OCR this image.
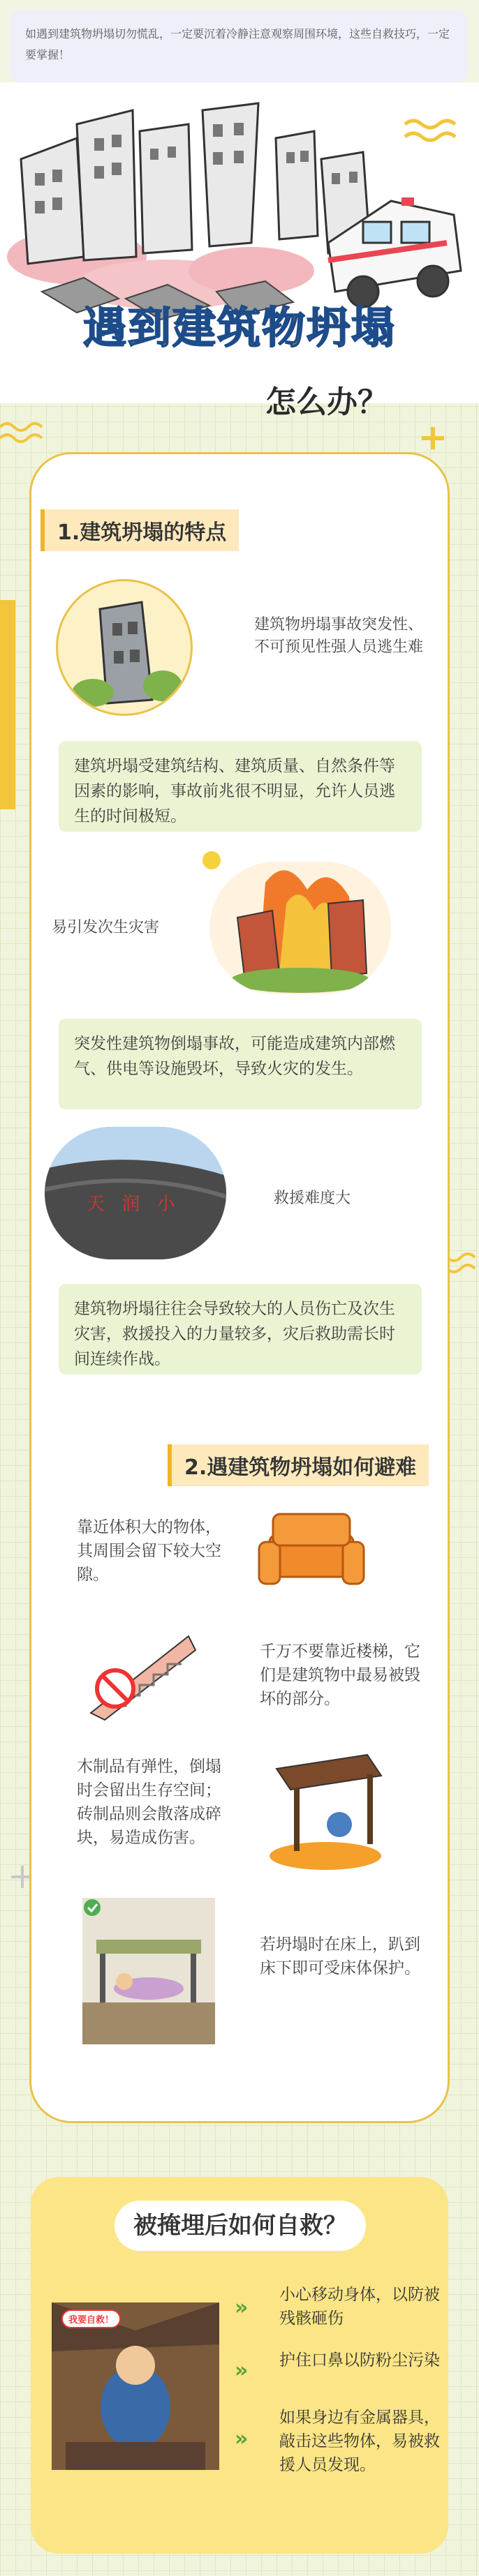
如遇到建筑物坍塌切勿慌乱，一定要沉着冷静注意观察周围环境，这些自救技巧，一定要掌握！
遇到建筑物坍塌
怎么办？
1.建筑坍塌的特点
建筑物坍塌事故突发性、不可预见性强人员逃生难
建筑坍塌受建筑结构、建筑质量、自然条件等因素的影响，事故前兆很不明显，允许人员逃生的时间极短。
易引发次生灾害
突发性建筑物倒塌事故，可能造成建筑内部燃气、供电等设施毁坏，导致火灾的发生。
天 润 小	救援难度大
建筑物坍塌往往会导致较大的人员伤亡及次生灾害，救援投入的力量较多，灾后救助需长时间连续作战。
2.遇建筑物坍塌如何避难
靠近体积大的物体，其周围会留下较大空隙。
千万不要靠近楼梯，它们是建筑物中最易被毁坏的部分。
木制品有弹性，倒塌时会留出生存空间；砖制品则会散落成碎块，易造成伤害。
若坍塌时在床上，趴到床下即可受床体保护。
被掩埋后如何自救？
我要自救！
»
小心移动身体，以防被残骸砸伤
» 护住口鼻以防粉尘污染
»
如果身边有金属器具，敲击这些物体，易被救援人员发现。
